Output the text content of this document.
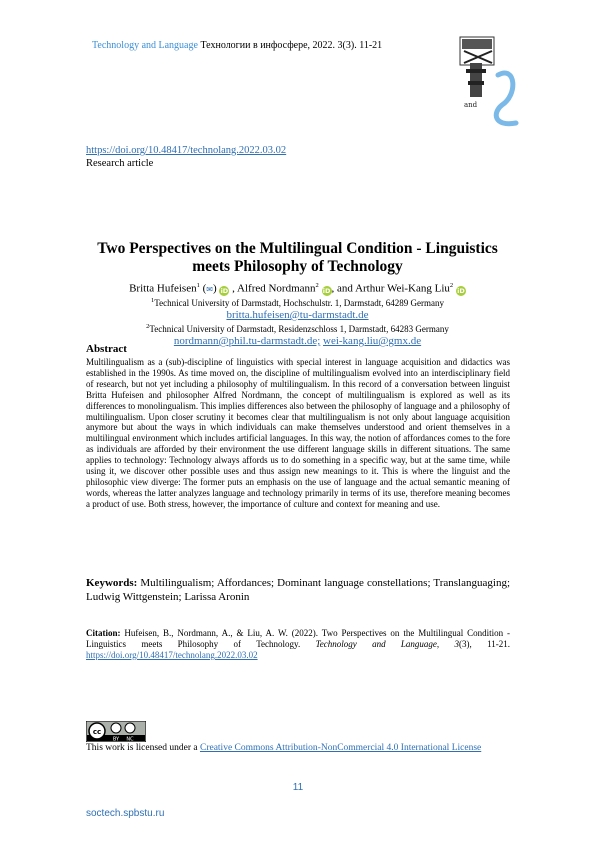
Technology and Language Технологии в инфосфере, 2022. 3(3). 11-21
and
https://doi.org/10.48417/technolang.2022.03.02
Research article
Two Perspectives on the Multilingual Condition - Linguistics
meets Philosophy of Technology
Britta Hufeisen$^1$ (✉) iD , Alfred Nordmann$^2$ iD, and Arthur Wei-Kang Liu$^2$ iD
$^1$Technical University of Darmstadt, Hochschulstr. 1, Darmstadt, 64289 Germany
britta.hufeisen@tu-darmstadt.de
$^2$Technical University of Darmstadt, Residenzschloss 1, Darmstadt, 64283 Germany
nordmann@phil.tu-darmstadt.de; wei-kang.liu@gmx.de
Abstract
Multilingualism as a (sub)-discipline of linguistics with special interest in language acquisition and didactics was established in the 1990s. As time moved on, the discipline of multilingualism evolved into an interdisciplinary field of research, but not yet including a philosophy of multilingualism. In this record of a conversation between linguist Britta Hufeisen and philosopher Alfred Nordmann, the concept of multilingualism is explored as well as its differences to monolingualism. This implies differences also between the philosophy of language and a philosophy of multilingualism. Upon closer scrutiny it becomes clear that multilingualism is not only about language acquisition anymore but about the ways in which individuals can make themselves understood and orient themselves in a multilingual environment which includes artificial languages. In this way, the notion of affordances comes to the fore as individuals are afforded by their environment the use different language skills in different situations. The same applies to technology: Technology always affords us to do something in a specific way, but at the same time, while using it, we discover other possible uses and thus assign new meanings to it. This is where the linguist and the philosophic view diverge: The former puts an emphasis on the use of language and the actual semantic meaning of words, whereas the latter analyzes language and technology primarily in terms of its use, therefore meaning becomes a product of use. Both stress, however, the importance of culture and context for meaning and use.
Keywords: Multilingualism; Affordances; Dominant language constellations; Translanguaging; Ludwig Wittgenstein; Larissa Aronin
Citation: Hufeisen, B., Nordmann, A., & Liu, A. W. (2022). Two Perspectives on the Multilingual Condition - Linguistics meets Philosophy of Technology. Technology and Language, 3(3), 11-21. https://doi.org/10.48417/technolang.2022.03.02
cc
BY NC
This work is licensed under a Creative Commons Attribution-NonCommercial 4.0 International License
11
soctech.spbstu.ru
